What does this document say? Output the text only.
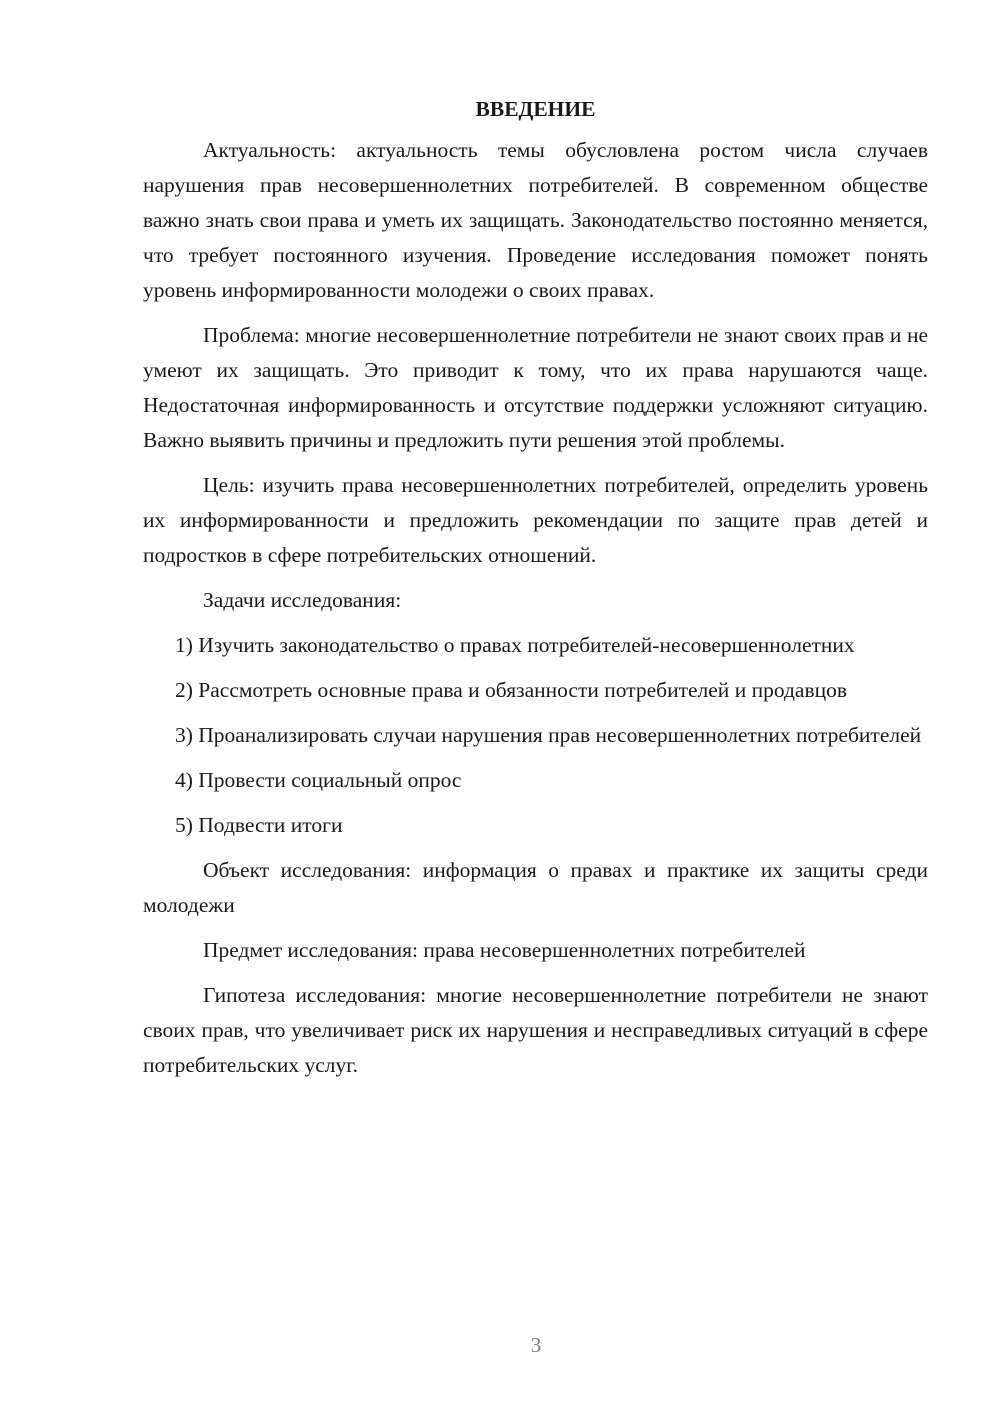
ВВЕДЕНИЕ

Актуальность: актуальность темы обусловлена ростом числа случаев нарушения прав несовершеннолетних потребителей. В современном обществе важно знать свои права и уметь их защищать. Законодательство постоянно меняется, что требует постоянного изучения. Проведение исследования поможет понять уровень информированности молодежи о своих правах.

Проблема: многие несовершеннолетние потребители не знают своих прав и не умеют их защищать. Это приводит к тому, что их права нарушаются чаще. Недостаточная информированность и отсутствие поддержки усложняют ситуацию. Важно выявить причины и предложить пути решения этой проблемы.

Цель: изучить права несовершеннолетних потребителей, определить уровень их информированности и предложить рекомендации по защите прав детей и подростков в сфере потребительских отношений.

Задачи исследования:

1) Изучить законодательство о правах потребителей-несовершеннолетних

2) Рассмотреть основные права и обязанности потребителей и продавцов

3) Проанализировать случаи нарушения прав несовершеннолетних потребителей

4) Провести социальный опрос

5) Подвести итоги

Объект исследования: информация о правах и практике их защиты среди молодежи

Предмет исследования: права несовершеннолетних потребителей

Гипотеза исследования: многие несовершеннолетние потребители не знают своих прав, что увеличивает риск их нарушения и несправедливых ситуаций в сфере потребительских услуг.

3
